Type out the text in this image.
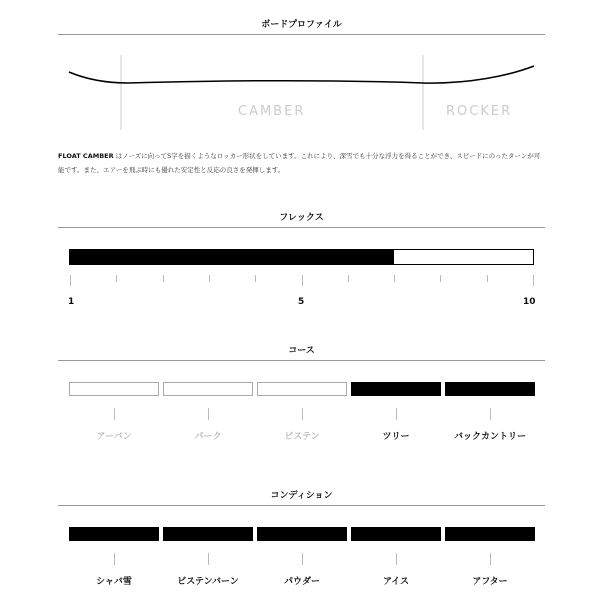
ボードプロファイル
CAMBER	ROCKER
FLOAT CAMBER はノーズに向ってS字を描くようなロッカー形状をしています。これにより、深雪でも十分な浮力を得ることができ、スピードにのったターンが可能です。また、エアーを飛ぶ時にも優れた安定性と反応の良さを発揮します。
フレックス
1	5	10
コース
アーバン	パーク	ビステン	ツリー	バックカントリー
コンディション
シャバ雪	ビステンバーン	パウダー	アイス	アフター
